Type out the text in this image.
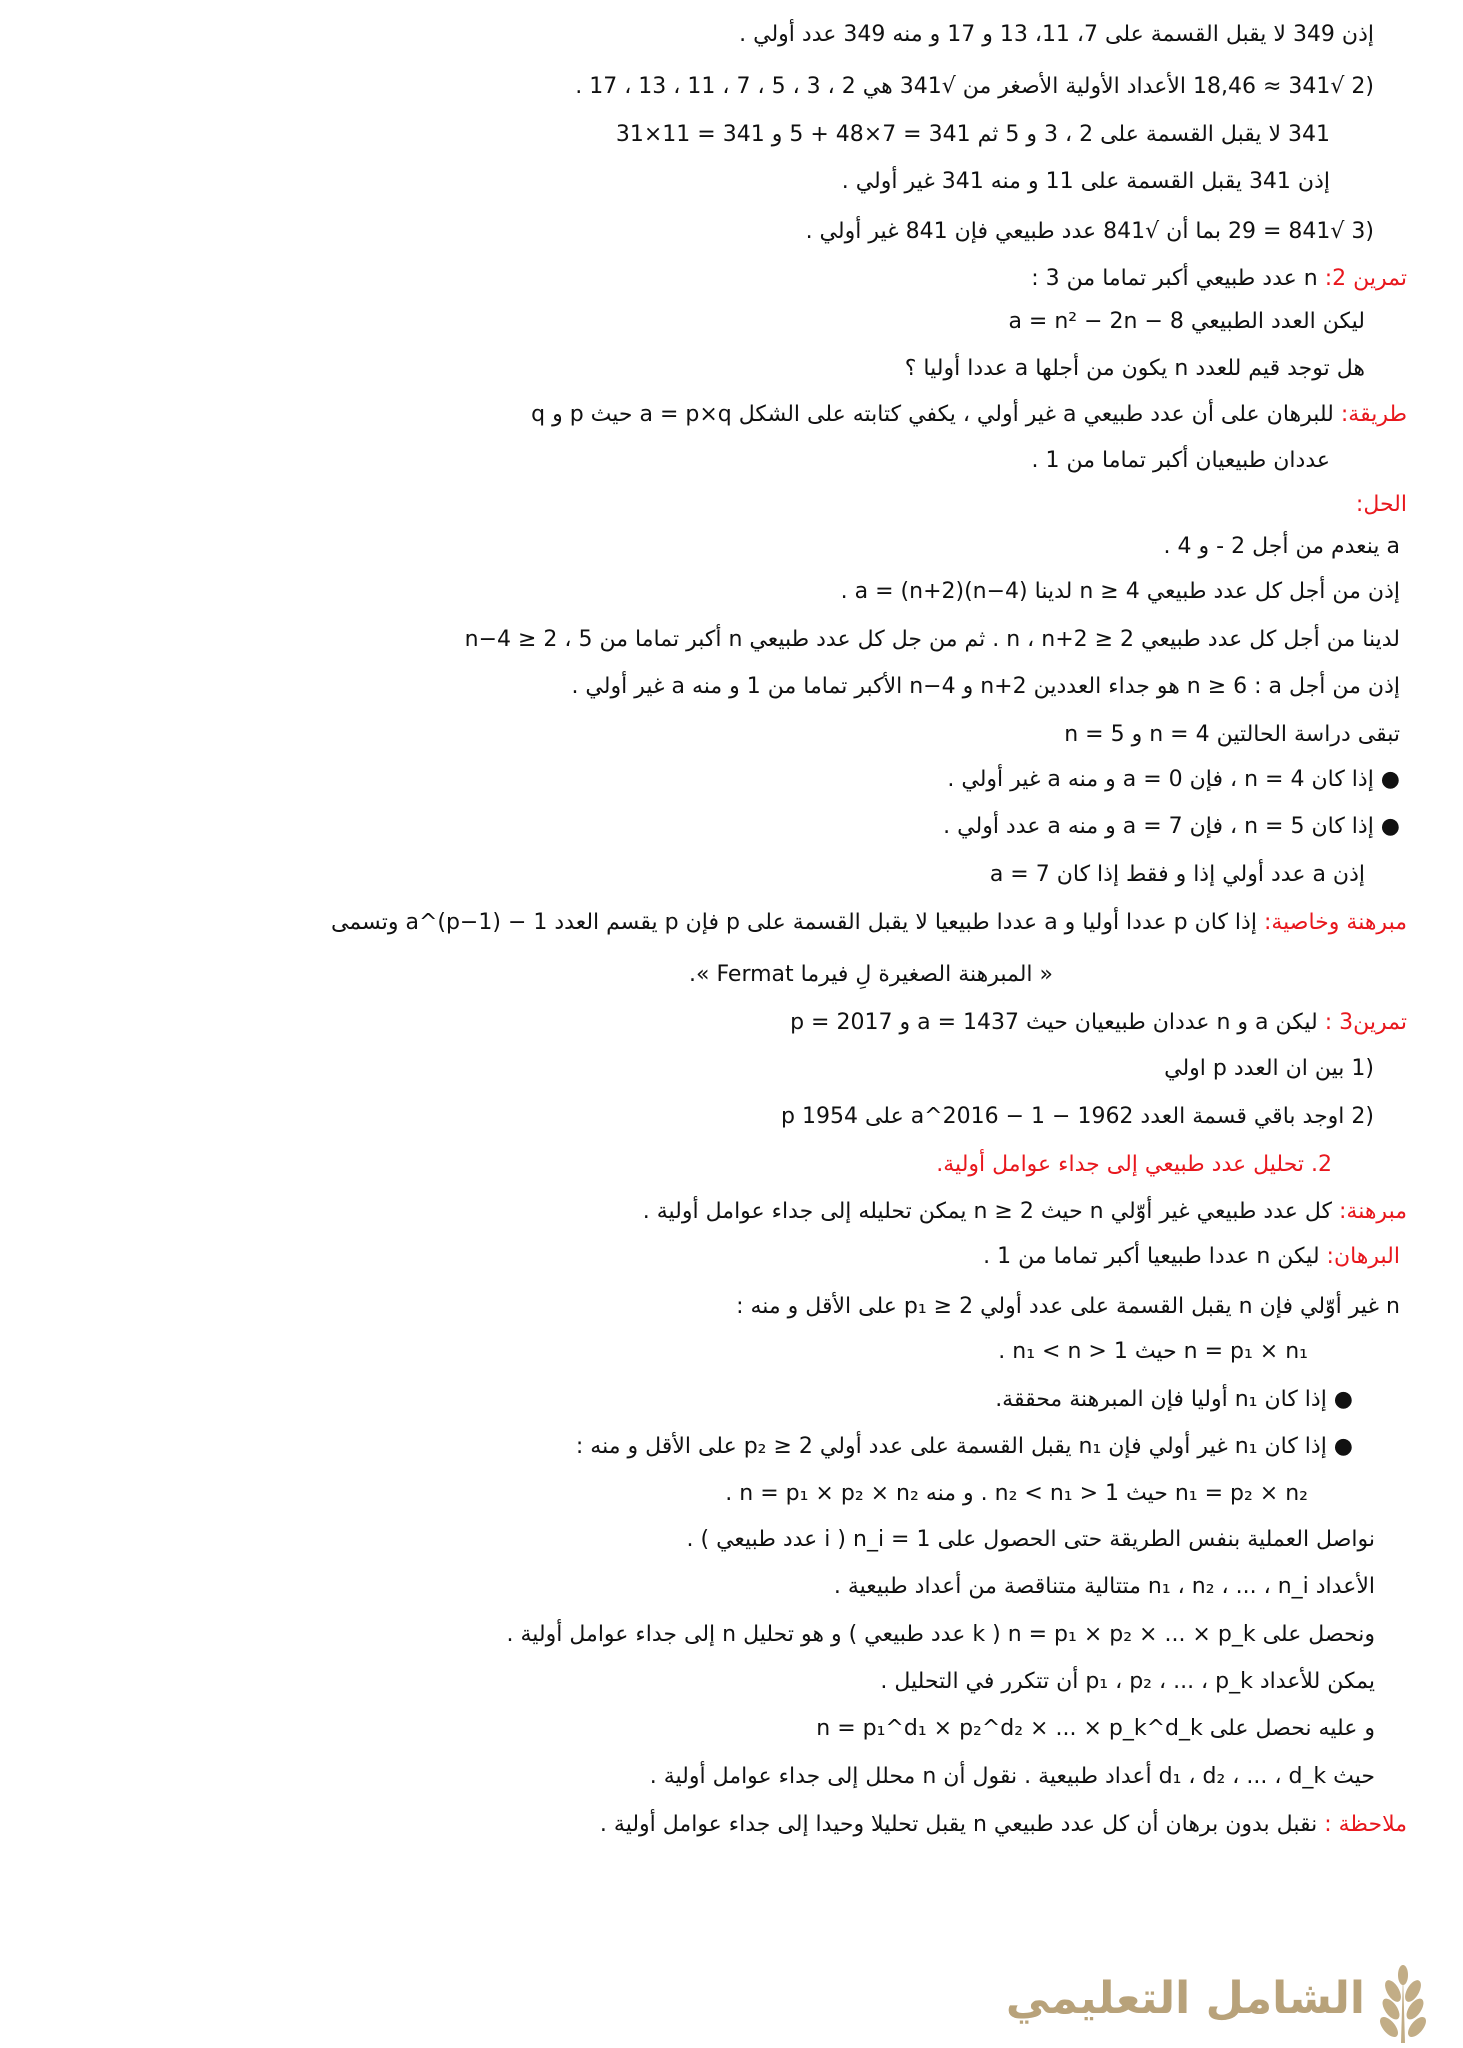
إذن 349 لا يقبل القسمة على 7، 11، 13 و 17 و منه 349 عدد أولي .
(2 √341 ≈ 18,46 الأعداد الأولية الأصغر من √341 هي 2 ، 3 ، 5 ، 7 ، 11 ، 13 ، 17 .
341 لا يقبل القسمة على 2 ، 3 و 5 ثم 341 = 7×48 + 5 و 341 = 11×31
إذن 341 يقبل القسمة على 11 و منه 341 غير أولي .
(3 √841 = 29 بما أن √841 عدد طبيعي فإن 841 غير أولي .
تمرين 2: n عدد طبيعي أكبر تماما من 3 :
ليكن العدد الطبيعي a = n² − 2n − 8
هل توجد قيم للعدد n يكون من أجلها a عددا أوليا ؟
طريقة: للبرهان على أن عدد طبيعي a غير أولي ، يكفي كتابته على الشكل a = p×q حيث p و q
عددان طبيعيان أكبر تماما من 1 .
الحل:
a ينعدم من أجل 2 - و 4 .
إذن من أجل كل عدد طبيعي n ≥ 4 لدينا a = (n+2)(n−4) .
لدينا من أجل كل عدد طبيعي n ، n+2 ≥ 2 . ثم من جل كل عدد طبيعي n أكبر تماما من 5 ، n−4 ≥ 2
إذن من أجل n ≥ 6 : a هو جداء العددين n+2 و n−4 الأكبر تماما من 1 و منه a غير أولي .
تبقى دراسة الحالتين n = 4 و n = 5
● إذا كان n = 4 ، فإن a = 0 و منه a غير أولي .
● إذا كان n = 5 ، فإن a = 7 و منه a عدد أولي .
إذن a عدد أولي إذا و فقط إذا كان a = 7
مبرهنة وخاصية: إذا كان p عددا أوليا و a عددا طبيعيا لا يقبل القسمة على p فإن p يقسم العدد a^(p−1) − 1 وتسمى
« المبرهنة الصغيرة لِ فيرما Fermat ».
تمرين3 : ليكن a و n عددان طبيعيان حيث a = 1437 و p = 2017
(1 بين ان العدد p اولي
(2 اوجد باقي قسمة العدد a^2016 − 1 − 1962 على 1954 p
2. تحليل عدد طبيعي إلى جداء عوامل أولية.
مبرهنة: كل عدد طبيعي غير أوّلي n حيث n ≥ 2 يمكن تحليله إلى جداء عوامل أولية .
البرهان: ليكن n عددا طبيعيا أكبر تماما من 1 .
n غير أوّلي فإن n يقبل القسمة على عدد أولي p₁ ≥ 2 على الأقل و منه :
n = p₁ × n₁ حيث 1 < n₁ < n .
● إذا كان n₁ أوليا فإن المبرهنة محققة.
● إذا كان n₁ غير أولي فإن n₁ يقبل القسمة على عدد أولي p₂ ≥ 2 على الأقل و منه :
n₁ = p₂ × n₂ حيث 1 < n₂ < n₁ . و منه n = p₁ × p₂ × n₂ .
نواصل العملية بنفس الطريقة حتى الحصول على n_i = 1 ( i عدد طبيعي ) .
الأعداد n₁ ، n₂ ، ... ، n_i متتالية متناقصة من أعداد طبيعية .
ونحصل على n = p₁ × p₂ × ... × p_k ( k عدد طبيعي ) و هو تحليل n إلى جداء عوامل أولية .
يمكن للأعداد p₁ ، p₂ ، ... ، p_k أن تتكرر في التحليل .
و عليه نحصل على n = p₁^d₁ × p₂^d₂ × ... × p_k^d_k
حيث d₁ ، d₂ ، ... ، d_k أعداد طبيعية . نقول أن n محلل إلى جداء عوامل أولية .
ملاحظة : نقبل بدون برهان أن كل عدد طبيعي n يقبل تحليلا وحيدا إلى جداء عوامل أولية .
الشامل التعليمي
